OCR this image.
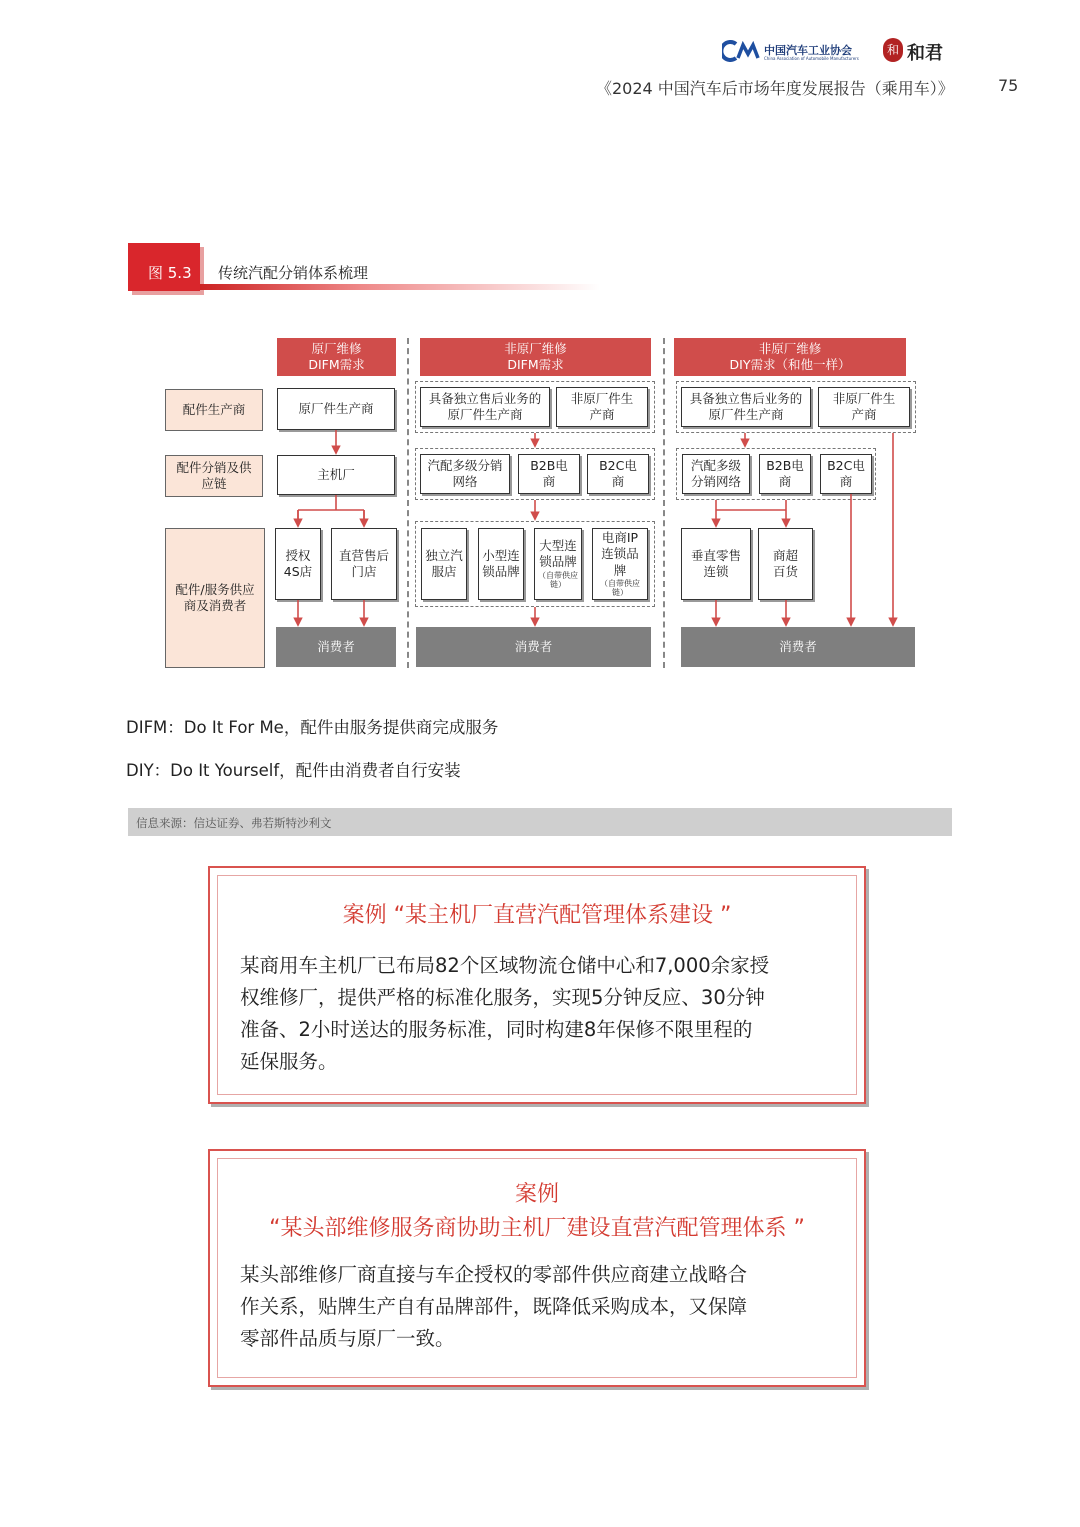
中国汽车工业协会
China Association of Automobile Manufacturers
和 和君
《2024 中国汽车后市场年度发展报告（乘用车）》	75
图 5.3 传统汽配分销体系梳理
原厂维修
DIFM需求
非原厂维修
DIFM需求
非原厂维修
DIY需求（和他一样）
配件生产商
配件分销及供应链
配件/服务供应商及消费者
原厂件生产商
主机厂
授权4S店
直营售后门店
消费者
具备独立售后业务的原厂件生产商
非原厂件生产商
汽配多级分销网络
B2B电商
B2C电商
独立汽服店
小型连锁品牌
大型连锁品牌
（自带供应链）
电商IP连锁品牌
（自带供应链）
消费者
具备独立售后业务的原厂件生产商
非原厂件生产商
汽配多级分销网络
B2B电商
B2C电商
垂直零售连锁
商超百货
消费者
DIFM：Do It For Me，配件由服务提供商完成服务
DIY：Do It Yourself，配件由消费者自行安装
信息来源：信达证券、弗若斯特沙利文
案例 “某主机厂直营汽配管理体系建设 ”
某商用车主机厂已布局82个区域物流仓储中心和7,000余家授
权维修厂，提供严格的标准化服务，实现5分钟反应、30分钟
准备、2小时送达的服务标准，同时构建8年保修不限里程的
延保服务。
案例
“某头部维修服务商协助主机厂建设直营汽配管理体系 ”
某头部维修厂商直接与车企授权的零部件供应商建立战略合
作关系，贴牌生产自有品牌部件，既降低采购成本，又保障
零部件品质与原厂一致。
